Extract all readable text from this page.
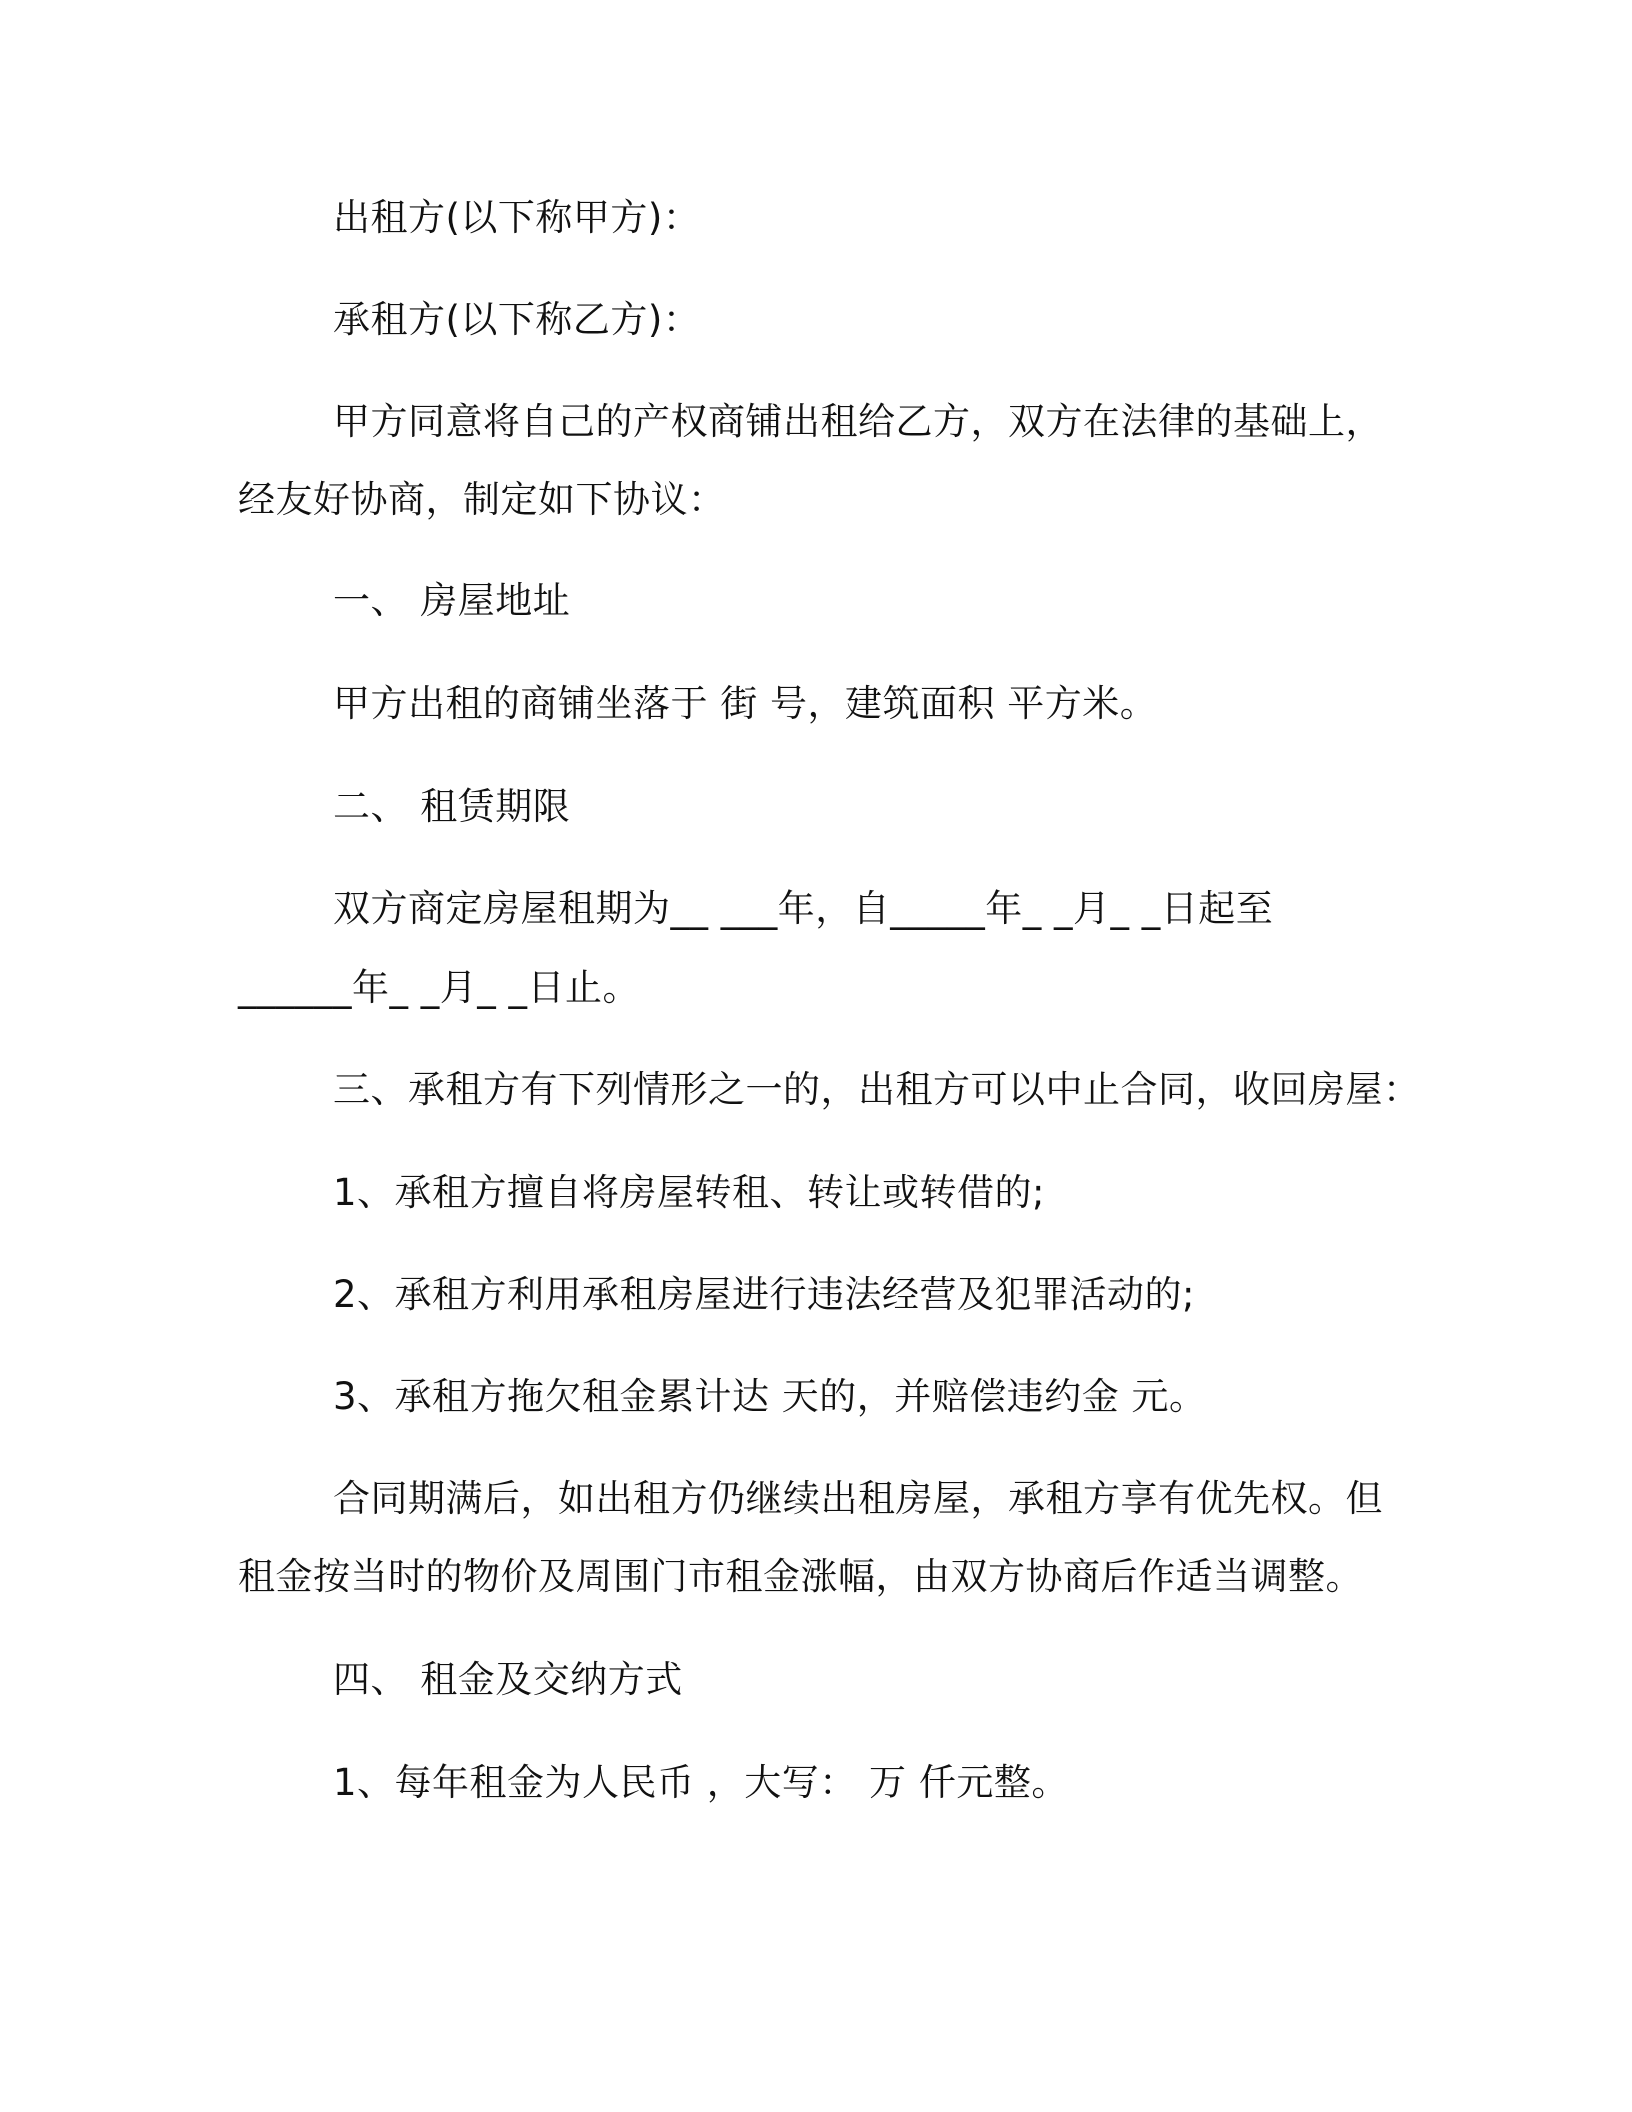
出租方(以下称甲方)：

承租方(以下称乙方)：

甲方同意将自己的产权商铺出租给乙方，双方在法律的基础上，

经友好协商，制定如下协议：

一、 房屋地址

甲方出租的商铺坐落于 街 号，建筑面积 平方米。

二、 租赁期限

双方商定房屋租期为__ ___年，自_____年_ _月_ _日起至

______年_ _月_ _日止。

三、承租方有下列情形之一的，出租方可以中止合同，收回房屋：

1、承租方擅自将房屋转租、转让或转借的;

2、承租方利用承租房屋进行违法经营及犯罪活动的;

3、承租方拖欠租金累计达 天的，并赔偿违约金 元。

合同期满后，如出租方仍继续出租房屋，承租方享有优先权。但

租金按当时的物价及周围门市租金涨幅，由双方协商后作适当调整。

四、 租金及交纳方式

1、每年租金为人民币 ，大写： 万 仟元整。
